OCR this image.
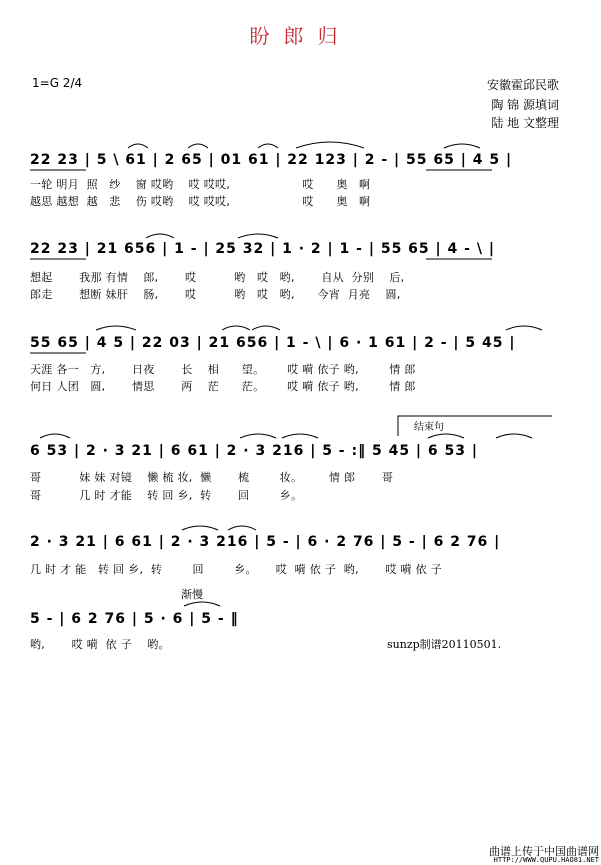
盼郎归
1=G 2/4	安徽霍邱民歌
陶 锦 源填词
陆 地 文整理
22 23 | 5 \ 61 | 2 65 | 01 61 | 22 123 | 2 - | 55 65 | 4 5 |
一轮 明月  照   纱    窗 哎哟    哎 哎哎,                   哎      奥   啊
越思 越想  越   悲    伤 哎哟    哎 哎哎,                   哎      奥   啊
22 23 | 21 656 | 1 - | 25 32 | 1 · 2 | 1 - | 55 65 | 4 - \ |
想起       我那 有情    郎,       哎          哟   哎   哟,       自从  分别    后,
郎走       想断 妹肝    肠,       哎          哟   哎   哟,      今宵  月亮    圆,
55 65 | 4 5 | 22 03 | 21 656 | 1 - \ | 6 · 1 61 | 2 - | 5 45 |
天涯 各一   方,       日夜       长    相      望。      哎 嗬 依子 哟,        情 郎
何日 人团   圆,       情思       两    茫      茫。      哎 嗬 依子 哟,        情 郎
结束句
6 53 | 2 · 3 21 | 6 61 | 2 · 3 216 | 5 - :‖ 5 45 | 6 53 |
哥          妹 妹 对镜    懒 梳 妆,  懒       梳        妆。       情 郎       哥
哥          几 时 才能    转 回 乡,  转       回        乡。
2 · 3 21 | 6 61 | 2 · 3 216 | 5 - | 6 · 2 76 | 5 - | 6 2 76 |
几 时 才 能   转 回 乡,  转        回        乡。     哎  嗬 依 子  哟,       哎 嗬 依 子
渐慢
5 - | 6 2 76 | 5 · 6 | 5 - ‖
哟,       哎 嗬  依 子    哟。	sunzp制谱20110501.
曲谱上传于中国曲谱网
HTTP://WWW.QUPU.HAO81.NET
